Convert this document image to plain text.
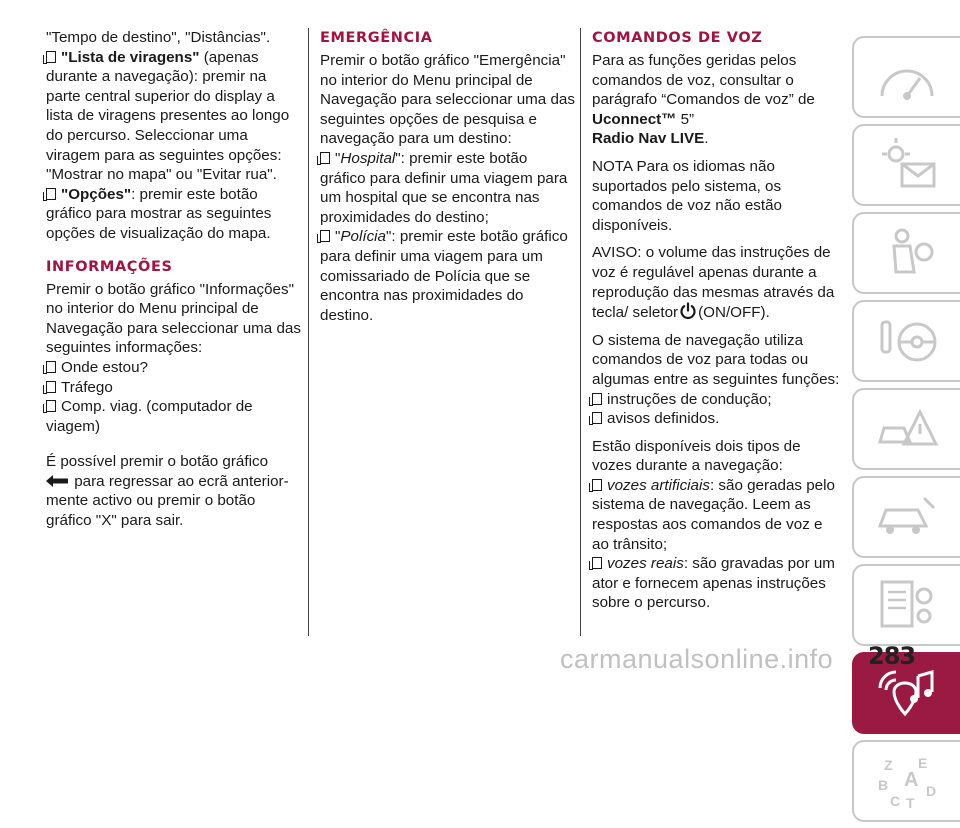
"Tempo de destino", "Distâncias".

"Lista de viragens" (apenas durante a navegação): premir na parte central superior do display a lista de viragens presentes ao longo do percurso. Seleccionar uma viragem para as seguintes opções: "Mostrar no mapa" ou "Evitar rua".

"Opções": premir este botão gráfico para mostrar as seguintes opções de visualização do mapa.

INFORMAÇÕES

Premir o botão gráfico "Informações" no interior do Menu principal de Navegação para seleccionar uma das seguintes informações:

Onde estou?
Tráfego
Comp. viag. (computador de viagem)

É possível premir o botão gráfico
para regressar ao ecrã anterior-mente activo ou premir o botão gráfico "X" para sair.

EMERGÊNCIA

Premir o botão gráfico "Emergência" no interior do Menu principal de Navegação para seleccionar uma das seguintes opções de pesquisa e navegação para um destino:

"Hospital": premir este botão gráfico para definir uma viagem para um hospital que se encontra nas proximidades do destino;

"Polícia": premir este botão gráfico para definir uma viagem para um comissariado de Polícia que se encontra nas proximidades do destino.

COMANDOS DE VOZ

Para as funções geridas pelos comandos de voz, consultar o parágrafo “Comandos de voz” de Uconnect™ 5”
Radio Nav LIVE.

NOTA Para os idiomas não suportados pelo sistema, os comandos de voz não estão disponíveis.

AVISO: o volume das instruções de voz é regulável apenas durante a reprodução das mesmas através da tecla/ seletor (ON/OFF).

O sistema de navegação utiliza comandos de voz para todas ou algumas entre as seguintes funções:

instruções de condução;
avisos definidos.

Estão disponíveis dois tipos de vozes durante a navegação:

vozes artificiais: são geradas pelo sistema de navegação. Leem as respostas aos comandos de voz e ao trânsito;

vozes reais: são gravadas por um ator e fornecem apenas instruções sobre o percurso.

Z E
B A D
C T
283
carmanualsonline.info
